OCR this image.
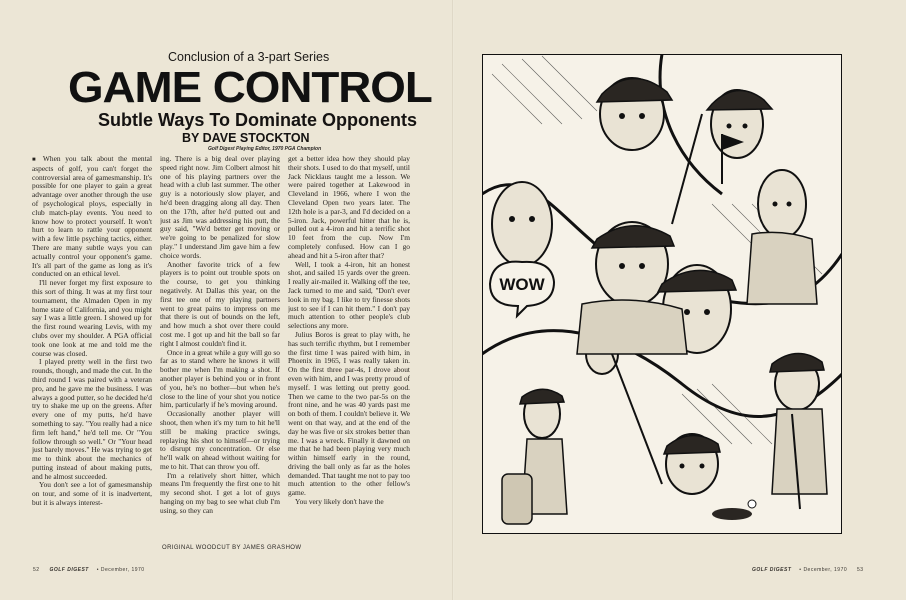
Conclusion of a 3-part Series
GAME CONTROL
Subtle Ways To Dominate Opponents
BY DAVE STOCKTON
Golf Digest Playing Editor, 1970 PGA Champion

■ When you talk about the mental aspects of golf, you can't forget the controversial area of gamesmanship. It's possible for one player to gain a great advantage over another through the use of psychological ploys, especially in club match-play events. You need to know how to protect yourself. It won't hurt to learn to rattle your opponent with a few little psyching tactics, either. There are many subtle ways you can actually control your opponent's game. It's all part of the game as long as it's conducted on an ethical level.

I'll never forget my first exposure to this sort of thing. It was at my first tour tournament, the Almaden Open in my home state of California, and you might say I was a little green. I showed up for the first round wearing Levis, with my clubs over my shoulder. A PGA official took one look at me and told me the course was closed.

I played pretty well in the first two rounds, though, and made the cut. In the third round I was paired with a veteran pro, and he gave me the business. I was always a good putter, so he decided he'd try to shake me up on the greens. After every one of my putts, he'd have something to say. "You really had a nice firm left hand," he'd tell me. Or "You follow through so well." Or "Your head just barely moves." He was trying to get me to think about the mechanics of putting instead of about making putts, and he almost succeeded.

You don't see a lot of gamesmanship on tour, and some of it is inadvertent, but it is always interest-

ing. There is a big deal over playing speed right now. Jim Colbert almost hit one of his playing partners over the head with a club last summer. The other guy is a notoriously slow player, and he'd been dragging along all day. Then on the 17th, after he'd putted out and just as Jim was addressing his putt, the guy said, "We'd better get moving or we're going to be penalized for slow play." I understand Jim gave him a few choice words.

Another favorite trick of a few players is to point out trouble spots on the course, to get you thinking negatively. At Dallas this year, on the first tee one of my playing partners went to great pains to impress on me that there is out of bounds on the left, and how much a shot over there could cost me. I got up and hit the ball so far right I almost couldn't find it.

Once in a great while a guy will go so far as to stand where he knows it will bother me when I'm making a shot. If another player is behind you or in front of you, he's no bother—but when he's close to the line of your shot you notice him, particularly if he's moving around.

Occasionally another player will shoot, then when it's my turn to hit he'll still be making practice swings, replaying his shot to himself—or trying to disrupt my concentration. Or else he'll walk on ahead without waiting for me to hit. That can throw you off.

I'm a relatively short hitter, which means I'm frequently the first one to hit my second shot. I get a lot of guys hanging on my bag to see what club I'm using, so they can

get a better idea how they should play their shots. I used to do that myself, until Jack Nicklaus taught me a lesson. We were paired together at Lakewood in Cleveland in 1966, where I won the Cleveland Open two years later. The 12th hole is a par-3, and I'd decided on a 5-iron. Jack, powerful hitter that he is, pulled out a 4-iron and hit a terrific shot 10 feet from the cup. Now I'm completely confused. How can I go ahead and hit a 5-iron after that?

Well, I took a 4-iron, hit an honest shot, and sailed 15 yards over the green. I really air-mailed it. Walking off the tee, Jack turned to me and said, "Don't ever look in my bag. I like to try finesse shots just to see if I can hit them." I don't pay much attention to other people's club selections any more.

Julius Boros is great to play with, he has such terrific rhythm, but I remember the first time I was paired with him, in Phoenix in 1965, I was really taken in. On the first three par-4s, I drove about even with him, and I was pretty proud of myself. I was letting out pretty good. Then we came to the two par-5s on the front nine, and he was 40 yards past me on both of them. I couldn't believe it. We went on that way, and at the end of the day he was five or six strokes better than me. I was a wreck. Finally it dawned on me that he had been playing very much within himself early in the round, driving the ball only as far as the holes demanded. That taught me not to pay too much attention to the other fellow's game.

You very likely don't have the

ORIGINAL WOODCUT BY JAMES GRASHOW
52 GOLF DIGEST • December, 1970	GOLF DIGEST • December, 1970 53
WOW
